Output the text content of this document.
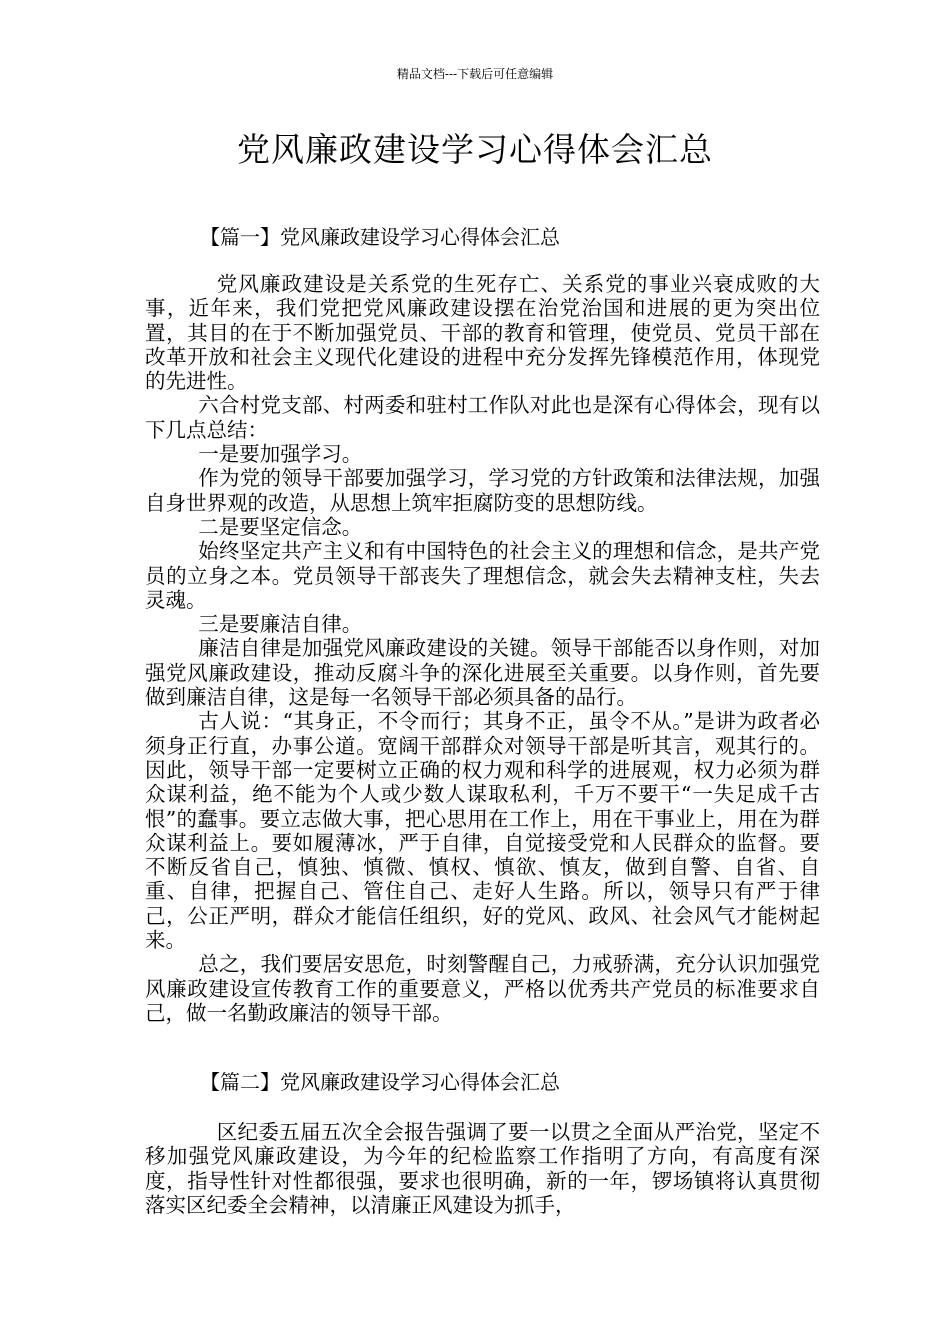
精品文档---下载后可任意编辑
党风廉政建设学习心得体会汇总
【篇一】党风廉政建设学习心得体会汇总

党风廉政建设是关系党的生死存亡、关系党的事业兴衰成败的大事，近年来，我们党把党风廉政建设摆在治党治国和进展的更为突出位置，其目的在于不断加强党员、干部的教育和管理，使党员、党员干部在改革开放和社会主义现代化建设的进程中充分发挥先锋模范作用，体现党的先进性。

六合村党支部、村两委和驻村工作队对此也是深有心得体会，现有以下几点总结：

一是要加强学习。

作为党的领导干部要加强学习，学习党的方针政策和法律法规，加强自身世界观的改造，从思想上筑牢拒腐防变的思想防线。

二是要坚定信念。

始终坚定共产主义和有中国特色的社会主义的理想和信念，是共产党员的立身之本。党员领导干部丧失了理想信念，就会失去精神支柱，失去灵魂。

三是要廉洁自律。

廉洁自律是加强党风廉政建设的关键。领导干部能否以身作则，对加强党风廉政建设，推动反腐斗争的深化进展至关重要。以身作则，首先要做到廉洁自律，这是每一名领导干部必须具备的品行。

古人说：“其身正，不令而行；其身不正，虽令不从。”是讲为政者必须身正行直，办事公道。宽阔干部群众对领导干部是听其言，观其行的。因此，领导干部一定要树立正确的权力观和科学的进展观，权力必须为群众谋利益，绝不能为个人或少数人谋取私利，千万不要干“一失足成千古恨”的蠢事。要立志做大事，把心思用在工作上，用在干事业上，用在为群众谋利益上。要如履薄冰，严于自律，自觉接受党和人民群众的监督。要不断反省自己，慎独、慎微、慎权、慎欲、慎友，做到自警、自省、自重、自律，把握自己、管住自己、走好人生路。所以，领导只有严于律己，公正严明，群众才能信任组织，好的党风、政风、社会风气才能树起来。

总之，我们要居安思危，时刻警醒自己，力戒骄满，充分认识加强党风廉政建设宣传教育工作的重要意义，严格以优秀共产党员的标准要求自己，做一名勤政廉洁的领导干部。

【篇二】党风廉政建设学习心得体会汇总

区纪委五届五次全会报告强调了要一以贯之全面从严治党，坚定不移加强党风廉政建设，为今年的纪检监察工作指明了方向，有高度有深度，指导性针对性都很强，要求也很明确，新的一年，锣场镇将认真贯彻落实区纪委全会精神，以清廉正风建设为抓手，
